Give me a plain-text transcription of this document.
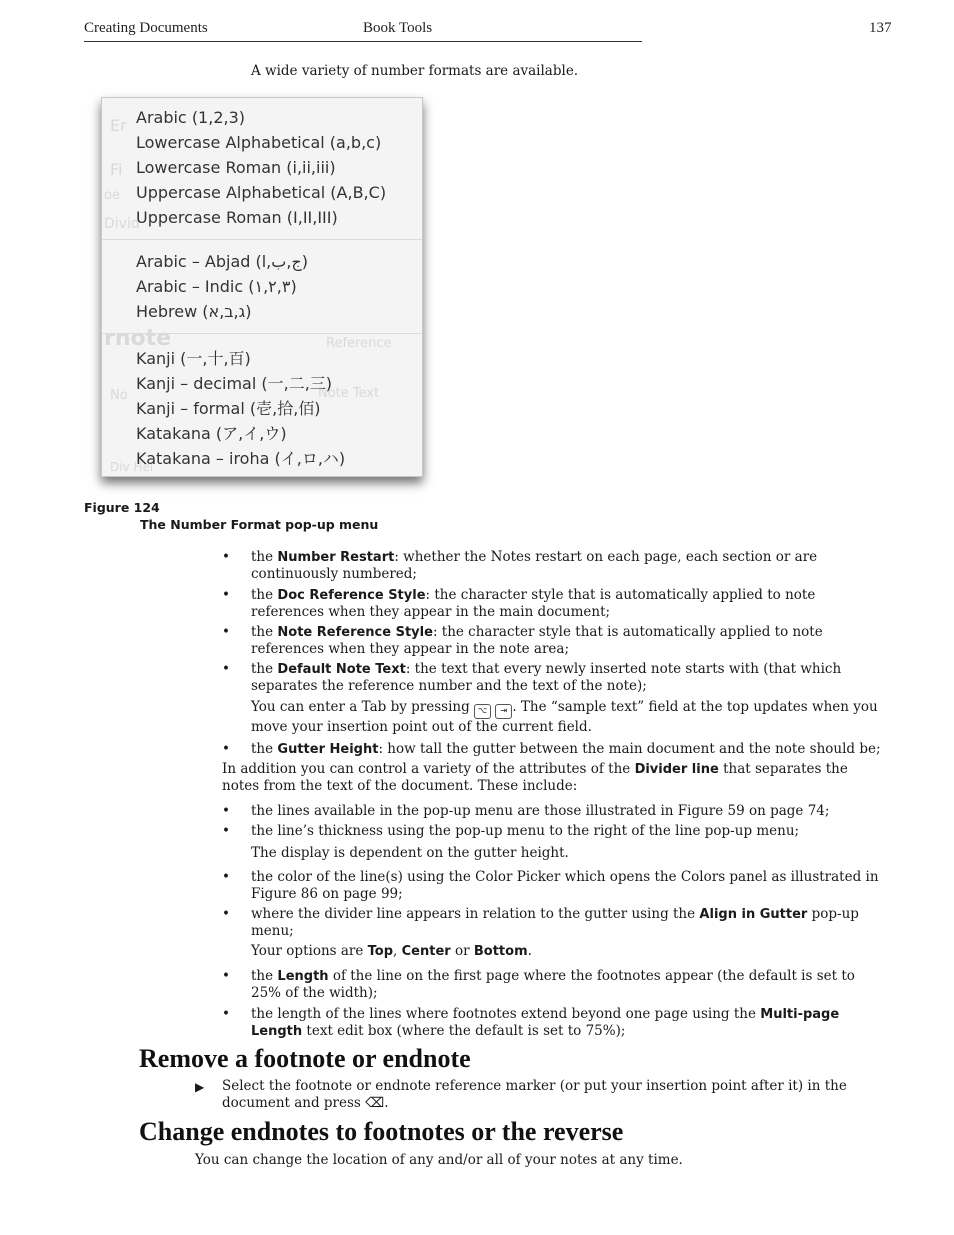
Creating Documents	Book Tools	137
A wide variety of number formats are available.
Er
Fi
oe
Divid
rnote	Reference
No	Note Text
Div Hei
Arabic (1,2,3)
Lowercase Alphabetical (a,b,c)
Lowercase Roman (i,ii,iii)
Uppercase Alphabetical (A,B,C)
Uppercase Roman (I,II,III)
Arabic – Abjad (ج,ب,ا)
Arabic – Indic (١,٢,٣)
Hebrew (ג,ב,א)
Kanji (一,十,百)
Kanji – decimal (一,二,三)
Kanji – formal (壱,拾,佰)
Katakana (ア,イ,ウ)
Katakana – iroha (イ,ロ,ハ)
Figure 124
The Number Format pop-up menu
• the Number Restart: whether the Notes restart on each page, each section or are continuously numbered;
• the Doc Reference Style: the character style that is automatically applied to note references when they appear in the main document;
• the Note Reference Style: the character style that is automatically applied to note references when they appear in the note area;
• the Default Note Text: the text that every newly inserted note starts with (that which separates the reference number and the text of the note);
You can enter a Tab by pressing ⌥ ⇥ . The “sample text” field at the top updates when you move your insertion point out of the current field.
• the Gutter Height: how tall the gutter between the main document and the note should be;
In addition you can control a variety of the attributes of the Divider line that separates the notes from the text of the document. These include:
• the lines available in the pop-up menu are those illustrated in Figure 59 on page 74;
• the line’s thickness using the pop-up menu to the right of the line pop-up menu;
The display is dependent on the gutter height.
• the color of the line(s) using the Color Picker which opens the Colors panel as illustrated in Figure 86 on page 99;
• where the divider line appears in relation to the gutter using the Align in Gutter pop-up menu;
Your options are Top, Center or Bottom.
• the Length of the line on the first page where the footnotes appear (the default is set to 25% of the width);
• the length of the lines where footnotes extend beyond one page using the Multi-page Length text edit box (where the default is set to 75%);
Remove a footnote or endnote
▶ Select the footnote or endnote reference marker (or put your insertion point after it) in the document and press ⌫.
Change endnotes to footnotes or the reverse
You can change the location of any and/or all of your notes at any time.
